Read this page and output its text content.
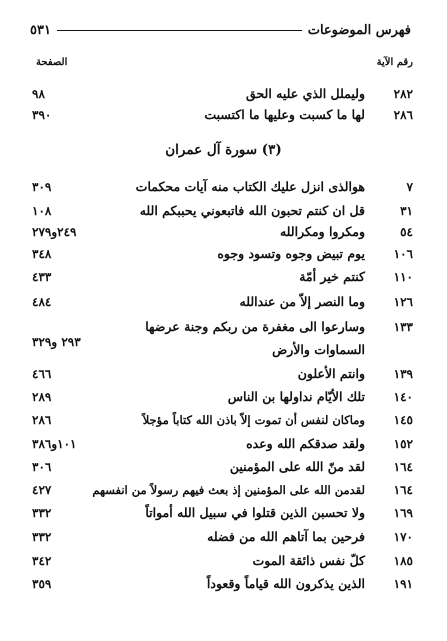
فهرس الموضوعات
٥٣١
رقم الآية
الصفحة
٢٨٢
وليملل الذي عليه الحق
٩٨
٢٨٦
لها ما كسبت وعليها ما اكتسبت
٣٩٠
(٣) سورة آل عمران
٧
هوالذى انزل عليك الكتاب منه آيات محكمات
٣٠٩
٣١
قل ان كنتم تحبون الله فاتبعوني يحببكم الله
١٠٨
٥٤
ومكروا ومكرالله
٢٤٩و٢٧٩
١٠٦
يوم تبيض وجوه وتسود وجوه
٣٤٨
١١٠
كنتم خير أمّة
٤٣٣
١٢٦
وما النصر إلاّ من عندالله
٤٨٤
١٣٣
وسارعوا الى مغفرة من ربكم وجنة عرضها
السماوات والأرض
٢٩٣ و٣٢٩
١٣٩
وانتم الأعلون
٤٦٦
١٤٠
تلك الأيّام نداولها بن الناس
٢٨٩
١٤٥
وماكان لنفس أن تموت إلاّ باذن الله كتاباً مؤجلاً
٢٨٦
١٥٢
ولقد صدقكم الله وعده
١٠١و٣٨٦
١٦٤
لقد منّ الله على المؤمنين
٣٠٦
١٦٤
لقدمن الله على المؤمنين إذ بعث فيهم رسولاً من انفسهم
٤٢٧
١٦٩
ولا تحسبن الذين قتلوا في سبيل الله أمواتاً
٣٣٢
١٧٠
فرحين بما آتاهم الله من فضله
٣٣٢
١٨٥
كلّ نفس ذائقة الموت
٣٤٢
١٩١
الذين يذكرون الله قياماً وقعوداً
٣٥٩
